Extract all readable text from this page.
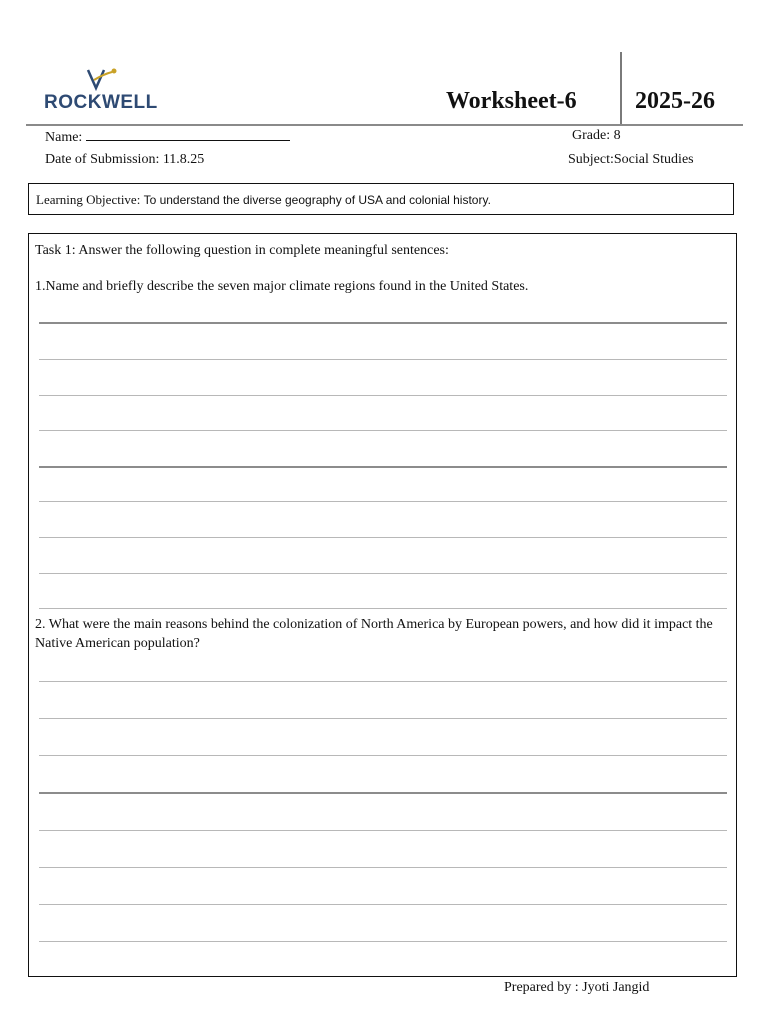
ROCKWELL	Worksheet-6 2025-26
Name:	Grade: 8
Date of Submission: 11.8.25	Subject:Social Studies
Learning Objective: To understand the diverse geography of USA and colonial history.
Task 1: Answer the following question in complete meaningful sentences:
1.Name and briefly describe the seven major climate regions found in the United States.
2. What were the main reasons behind the colonization of North America by European powers, and how did it impact the Native American population?
Prepared by : Jyoti Jangid
